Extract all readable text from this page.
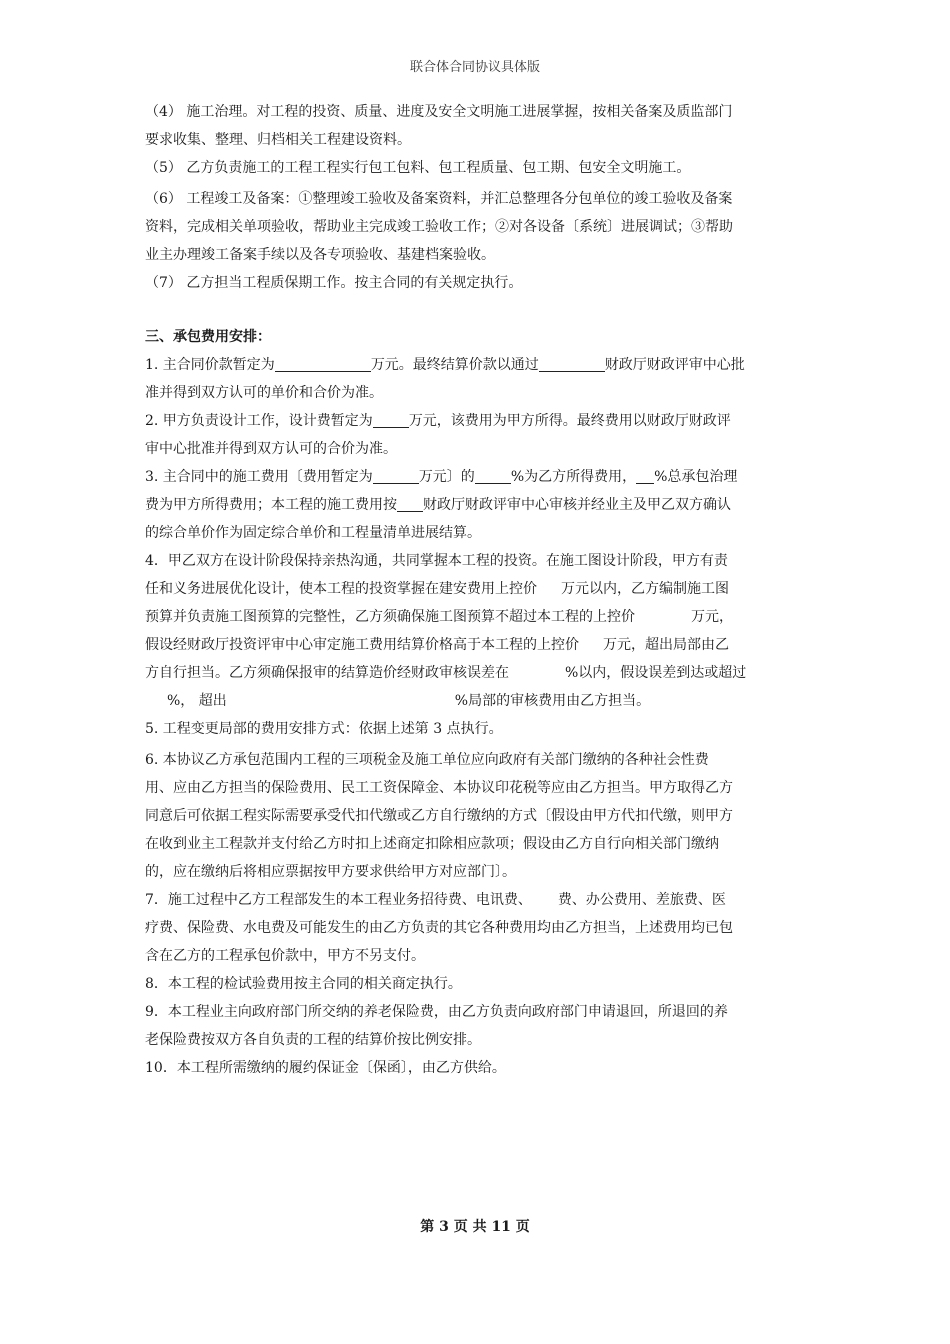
联合体合同协议具体版
（4） 施工治理。对工程的投资、质量、进度及安全文明施工进展掌握，按相关备案及质监部门
要求收集、整理、归档相关工程建设资料。
（5） 乙方负责施工的工程工程实行包工包料、包工程质量、包工期、包安全文明施工。
（6） 工程竣工及备案：①整理竣工验收及备案资料，并汇总整理各分包单位的竣工验收及备案
资料，完成相关单项验收，帮助业主完成竣工验收工作；②对各设备〔系统〕进展调试；③帮助
业主办理竣工备案手续以及各专项验收、基建档案验收。
（7） 乙方担当工程质保期工作。按主合同的有关规定执行。
三、承包费用安排：
1. 主合同价款暂定为	万元。最终结算价款以通过	财政厅财政评审中心批
准并得到双方认可的单价和合价为准。
2. 甲方负责设计工作，设计费暂定为	万元，该费用为甲方所得。最终费用以财政厅财政评
审中心批准并得到双方认可的合价为准。
3. 主合同中的施工费用〔费用暂定为	万元〕的	%为乙方所得费用， %总承包治理
费为甲方所得费用；本工程的施工费用按 财政厅财政评审中心审核并经业主及甲乙双方确认
的综合单价作为固定综合单价和工程量清单进展结算。
4．甲乙双方在设计阶段保持亲热沟通，共同掌握本工程的投资。在施工图设计阶段，甲方有责
任和义务进展优化设计，使本工程的投资掌握在建安费用上控价 万元以内，乙方编制施工图
预算并负责施工图预算的完整性，乙方须确保施工图预算不超过本工程的上控价	万元，
假设经财政厅投资评审中心审定施工费用结算价格高于本工程的上控价 万元，超出局部由乙
方自行担当。乙方须确保报审的结算造价经财政审核误差在	%以内，假设误差到达或超过
%， 超出	%局部的审核费用由乙方担当。
5. 工程变更局部的费用安排方式：依据上述第 3 点执行。
6. 本协议乙方承包范围内工程的三项税金及施工单位应向政府有关部门缴纳的各种社会性费
用、应由乙方担当的保险费用、民工工资保障金、本协议印花税等应由乙方担当。甲方取得乙方
同意后可依据工程实际需要承受代扣代缴或乙方自行缴纳的方式〔假设由甲方代扣代缴，则甲方
在收到业主工程款并支付给乙方时扣上述商定扣除相应款项；假设由乙方自行向相关部门缴纳
的，应在缴纳后将相应票据按甲方要求供给甲方对应部门〕。
7．施工过程中乙方工程部发生的本工程业务招待费、电讯费、 费、办公费用、差旅费、医
疗费、保险费、水电费及可能发生的由乙方负责的其它各种费用均由乙方担当，上述费用均已包
含在乙方的工程承包价款中，甲方不另支付。
8．本工程的检试验费用按主合同的相关商定执行。
9．本工程业主向政府部门所交纳的养老保险费，由乙方负责向政府部门申请退回，所退回的养
老保险费按双方各自负责的工程的结算价按比例安排。
10．本工程所需缴纳的履约保证金〔保函〕，由乙方供给。
第 3 页 共 11 页
